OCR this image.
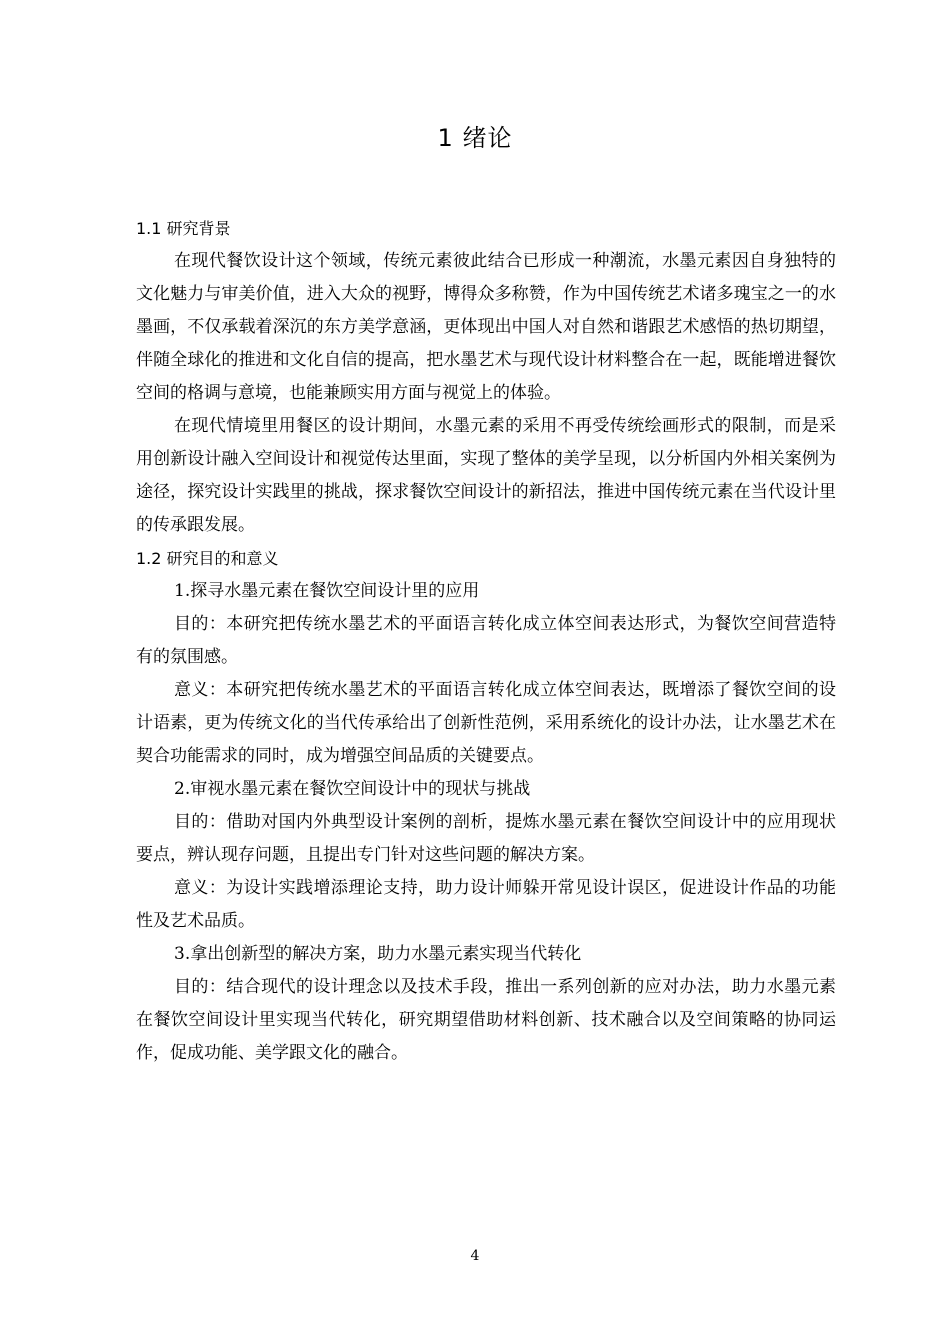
1 绪论
1.1 研究背景

在现代餐饮设计这个领域，传统元素彼此结合已形成一种潮流，水墨元素因自身独特的文化魅力与审美价值，进入大众的视野，博得众多称赞，作为中国传统艺术诸多瑰宝之一的水墨画，不仅承载着深沉的东方美学意涵，更体现出中国人对自然和谐跟艺术感悟的热切期望，伴随全球化的推进和文化自信的提高，把水墨艺术与现代设计材料整合在一起，既能增进餐饮空间的格调与意境，也能兼顾实用方面与视觉上的体验。

在现代情境里用餐区的设计期间，水墨元素的采用不再受传统绘画形式的限制，而是采用创新设计融入空间设计和视觉传达里面，实现了整体的美学呈现，以分析国内外相关案例为途径，探究设计实践里的挑战，探求餐饮空间设计的新招法，推进中国传统元素在当代设计里的传承跟发展。

1.2 研究目的和意义

1.探寻水墨元素在餐饮空间设计里的应用

目的：本研究把传统水墨艺术的平面语言转化成立体空间表达形式，为餐饮空间营造特有的氛围感。

意义：本研究把传统水墨艺术的平面语言转化成立体空间表达，既增添了餐饮空间的设计语素，更为传统文化的当代传承给出了创新性范例，采用系统化的设计办法，让水墨艺术在契合功能需求的同时，成为增强空间品质的关键要点。

2.审视水墨元素在餐饮空间设计中的现状与挑战

目的：借助对国内外典型设计案例的剖析，提炼水墨元素在餐饮空间设计中的应用现状要点，辨认现存问题，且提出专门针对这些问题的解决方案。

意义：为设计实践增添理论支持，助力设计师躲开常见设计误区，促进设计作品的功能性及艺术品质。

3.拿出创新型的解决方案，助力水墨元素实现当代转化

目的：结合现代的设计理念以及技术手段，推出一系列创新的应对办法，助力水墨元素在餐饮空间设计里实现当代转化，研究期望借助材料创新、技术融合以及空间策略的协同运作，促成功能、美学跟文化的融合。

4
